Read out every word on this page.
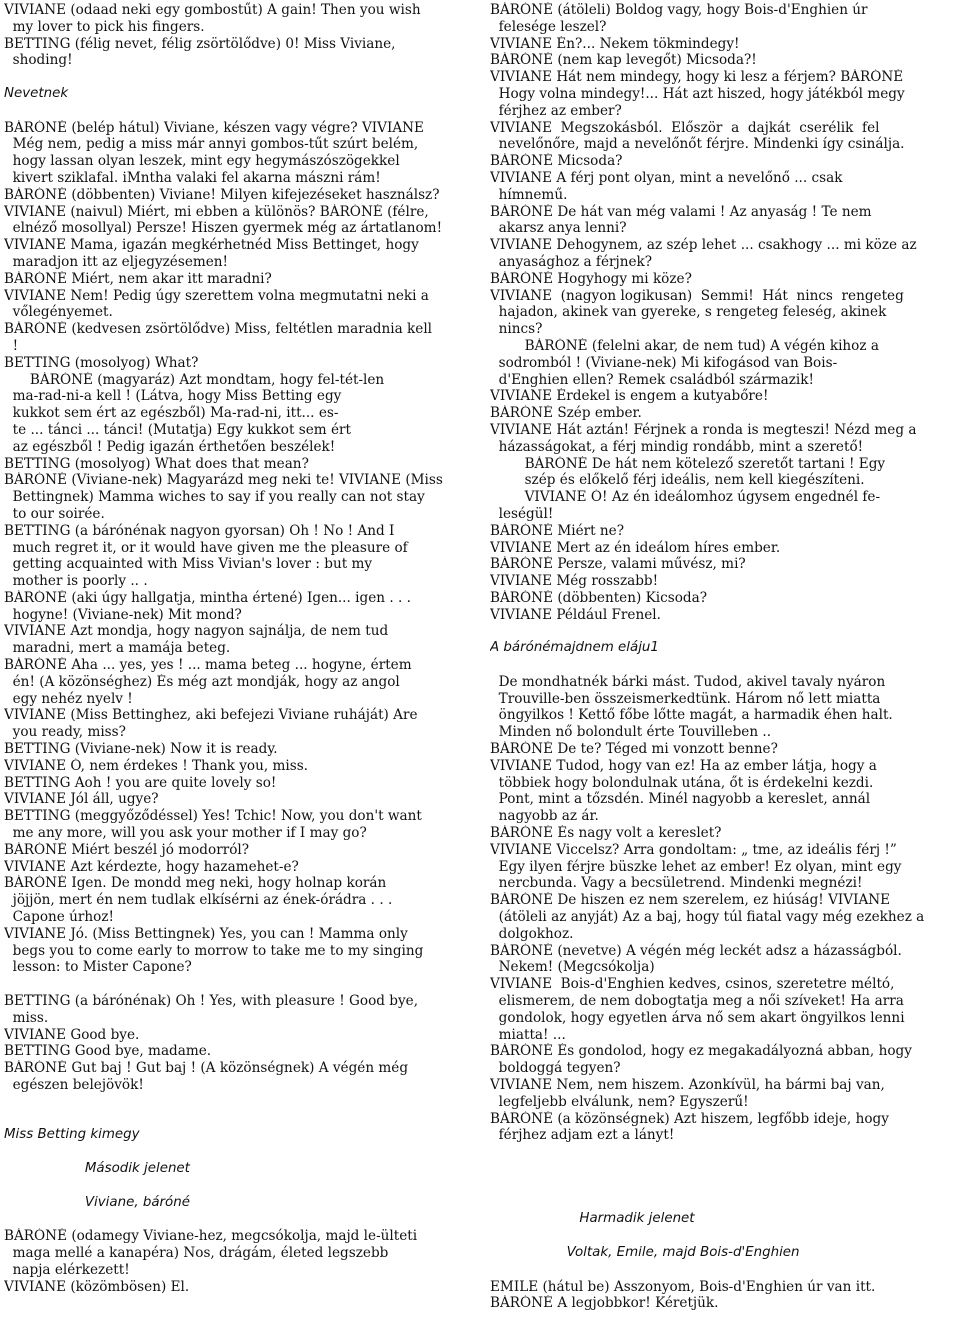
VIVIANE (odaad neki egy gombostűt) A gain! Then you wish
my lover to pick his fingers.
BETTING (félig nevet, félig zsörtölődve) 0! Miss Viviane,
shoding!
Nevetnek
BÁRÓNÉ (belép hátul) Viviane, készen vagy végre? VIVIANE
Még nem, pedig a miss már annyi gombos-tűt szúrt belém,
hogy lassan olyan leszek, mint egy hegymászószögekkel
kivert sziklafal. iMntha valaki fel akarna mászni rám!
BÁRÓNÉ (döbbenten) Viviane! Milyen kifejezéseket használsz?
VIVIANE (naivul) Miért, mi ebben a különös? BÁRÓNÉ (félre,
elnéző mosollyal) Persze! Hiszen gyermek még az ártatlanom!
VIVIANE Mama, igazán megkérhetnéd Miss Bettinget, hogy
maradjon itt az eljegyzésemen!
BÁRÓNÉ Miért, nem akar itt maradni?
VIVIANE Nem! Pedig úgy szerettem volna megmutatni neki a
vőlegényemet.
BÁRÓNÉ (kedvesen zsörtölődve) Miss, feltétlen maradnia kell
!
BETTING (mosolyog) What?
BÁRÓNÉ (magyaráz) Azt mondtam, hogy fel-tét-len
ma-rad-ni-a kell ! (Látva, hogy Miss Betting egy
kukkot sem ért az egészből) Ma-rad-ni, itt... es-
te ... tánci ... tánci! (Mutatja) Egy kukkot sem ért
az egészből ! Pedig igazán érthetően beszélek!
BETTING (mosolyog) What does that mean?
BÁRÓNÉ (Viviane-nek) Magyarázd meg neki te! VIVIANE (Miss
Bettingnek) Mamma wiches to say if you really can not stay
to our soirée.
BETTING (a bárónénak nagyon gyorsan) Oh ! No ! And I
much regret it, or it would have given me the pleasure of
getting acquainted with Miss Vivian's lover : but my
mother is poorly .. .
BÁRÓNÉ (aki úgy hallgatja, mintha értené) Igen... igen . . .
hogyne! (Viviane-nek) Mit mond?
VIVIANE Azt mondja, hogy nagyon sajnálja, de nem tud
maradni, mert a mamája beteg.
BÁRÓNÉ Aha ... yes, yes ! ... mama beteg ... hogyne, értem
én! (A közönséghez) És még azt mondják, hogy az angol
egy nehéz nyelv !
VIVIANE (Miss Bettinghez, aki befejezi Viviane ruháját) Are
you ready, miss?
BETTING (Viviane-nek) Now it is ready.
VIVIANE Ó, nem érdekes ! Thank you, miss.
BETTING Aoh ! you are quite lovely so!
VIVIANE Jól áll, ugye?
BETTING (meggyőződéssel) Yes! Tchic! Now, you don't want
me any more, will you ask your mother if I may go?
BÁRÓNÉ Miért beszél jó modorról?
VIVIANE Azt kérdezte, hogy hazamehet-e?
BÁRÓNÉ Igen. De mondd meg neki, hogy holnap korán
jöjjön, mert én nem tudlak elkísérni az ének-órádra . . .
Capone úrhoz!
VIVIANE Jó. (Miss Bettingnek) Yes, you can ! Mamma only
begs you to come early to morrow to take me to my singing
lesson: to Mister Capone?
BETTING (a bárónénak) Oh ! Yes, with pleasure ! Good bye,
miss.
VIVIANE Good bye.
BETTING Good bye, madame.
BÁRÓNÉ Gut baj ! Gut baj ! (A közönségnek) A végén még
egészen belejövök!
Miss Betting kimegy
Második jelenet
Viviane, báróné
BÁRÓNÉ (odamegy Viviane-hez, megcsókolja, majd le-ülteti
maga mellé a kanapéra) Nos, drágám, életed legszebb
napja elérkezett!
VIVIANE (közömbösen) El.
BÁRÓNÉ (átöleli) Boldog vagy, hogy Bois-d'Enghien úr
felesége leszel?
VIVIANE Én?... Nekem tökmindegy!
BÁRÓNÉ (nem kap levegőt) Micsoda?!
VIVIANE Hát nem mindegy, hogy ki lesz a férjem? BÁRÓNÉ
Hogy volna mindegy!... Hát azt hiszed, hogy játékból megy
férjhez az ember?
VIVIANE  Megszokásból.  Először  a  dajkát  cserélik  fel
nevelőnőre, majd a nevelőnőt férjre. Mindenki így csinálja.
BÁRÓNÉ Micsoda?
VIVIANE A férj pont olyan, mint a nevelőnő ... csak
hímnemű.
BÁRÓNÉ De hát van még valami ! Az anyaság ! Te nem
akarsz anya lenni?
VIVIANE Dehogynem, az szép lehet ... csakhogy ... mi köze az
anyasághoz a férjnek?
BÁRÓNÉ Hogyhogy mi köze?
VIVIANE  (nagyon logikusan)  Semmi!  Hát  nincs  rengeteg
hajadon, akinek van gyereke, s rengeteg feleség, akinek
nincs?
BÁRÓNÉ (felelni akar, de nem tud) A végén kihoz a
sodromból ! (Viviane-nek) Mi kifogásod van Bois-
d'Enghien ellen? Remek családból származik!
VIVIANE Érdekel is engem a kutyabőre!
BÁRÓNÉ Szép ember.
VIVIANE Hát aztán! Férjnek a ronda is megteszi! Nézd meg a
házasságokat, a férj mindig rondább, mint a szerető!
BÁRÓNÉ De hát nem kötelező szeretőt tartani ! Egy
szép és előkelő férj ideális, nem kell kiegészíteni.
VIVIANE Ó! Az én ideálomhoz úgysem engednél fe-
leségül!
BÁRÓNÉ Miért ne?
VIVIANE Mert az én ideálom híres ember.
BÁRÓNÉ Persze, valami művész, mi?
VIVIANE Még rosszabb!
BÁRÓNÉ (döbbenten) Kicsoda?
VIVIANE Például Frenel.
A bárónémajdnem eláju1
De mondhatnék bárki mást. Tudod, akivel tavaly nyáron
Trouville-ben összeismerkedtünk. Három nő lett miatta
öngyilkos ! Kettő főbe lőtte magát, a harmadik éhen halt.
Minden nő bolondult érte Touvilleben ..
BÁRÓNÉ De te? Téged mi vonzott benne?
VIVIANE Tudod, hogy van ez! Ha az ember látja, hogy a
többiek hogy bolondulnak utána, őt is érdekelni kezdi.
Pont, mint a tőzsdén. Minél nagyobb a kereslet, annál
nagyobb az ár.
BÁRÓNÉ És nagy volt a kereslet?
VIVIANE Viccelsz? Arra gondoltam: „ tme, az ideális férj !”
Egy ilyen férjre büszke lehet az ember! Ez olyan, mint egy
nercbunda. Vagy a becsületrend. Mindenki megnézi!
BÁRÓNÉ De hiszen ez nem szerelem, ez hiúság! VIVIANE
(átöleli az anyját) Az a baj, hogy túl fiatal vagy még ezekhez a
dolgokhoz.
BÁRÓNÉ (nevetve) A végén még leckét adsz a házasságból.
Nekem! (Megcsókolja)
VIVIANE  Bois-d'Enghien kedves, csinos, szeretetre méltó,
elismerem, de nem dobogtatja meg a női szíveket! Ha arra
gondolok, hogy egyetlen árva nő sem akart öngyilkos lenni
miatta! ...
BÁRÓNÉ És gondolod, hogy ez megakadályozná abban, hogy
boldoggá tegyen?
VIVIANE Nem, nem hiszem. Azonkívül, ha bármi baj van,
legfeljebb elválunk, nem? Egyszerű!
BÁRÓNÉ (a közönségnek) Azt hiszem, legfőbb ideje, hogy
férjhez adjam ezt a lányt!
Harmadik jelenet
Voltak, Emile, majd Bois-d'Enghien
EMILE (hátul be) Asszonyom, Bois-d'Enghien úr van itt.
BÁRÓNÉ A legjobbkor! Kéretjük.
